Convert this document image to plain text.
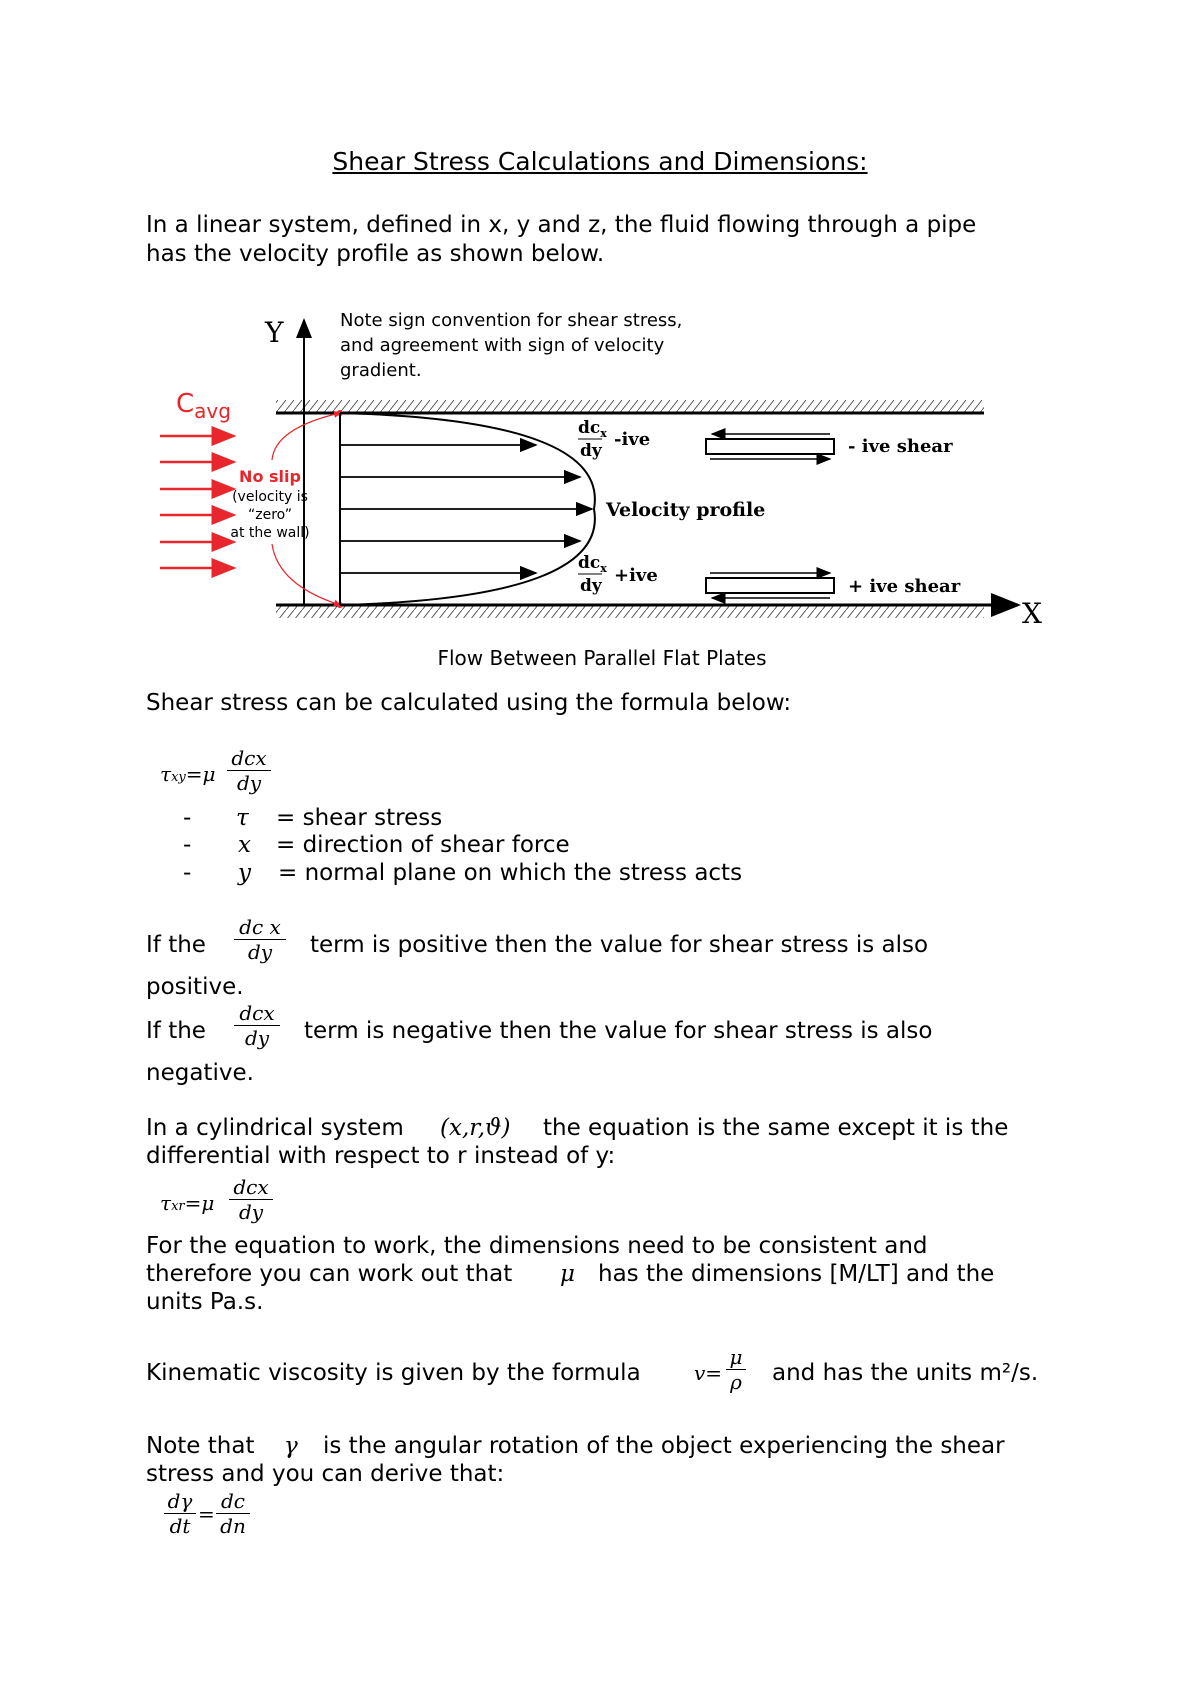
Shear Stress Calculations and Dimensions:
In a linear system, defined in x, y and z, the fluid flowing through a pipe
has the velocity profile as shown below.
Y
X
Note sign convention for shear stress,
and agreement with sign of velocity
gradient.
$C_{avg}$
No slip
(velocity is
“zero”
at the wall)
$dc_x$
dy
-ive
$dc_x$
dy +ive
Velocity profile
- ive shear
+ ive shear
Flow Between Parallel Flat Plates
Shear stress can be calculated using the formula below:
τxy=μ
dcx
dy
- τ = shear stress
- x = direction of shear force
- y = normal plane on which the stress acts
If the $\frac{\text{dc x}}{dy}$ term is positive then the value for shear stress is also
positive.
If the
dcx
dy	term is negative then the value for shear stress is also
negative.
In a cylindrical system (x,r,ϑ) the equation is the same except it is the
differential with respect to r instead of y:
τxr=μ
dcx
dy
For the equation to work, the dimensions need to be consistent and
therefore you can work out that μ has the dimensions [M/LT] and the
units Pa.s.
Kinematic viscosity is given by the formula	$v= \frac{\mu}{\rho}$ and has the units m²/s.
Note that γ is the angular rotation of the object experiencing the shear
stress and you can derive that:
$\frac{d\gamma}{dt} = \frac{dc}{dn}$
